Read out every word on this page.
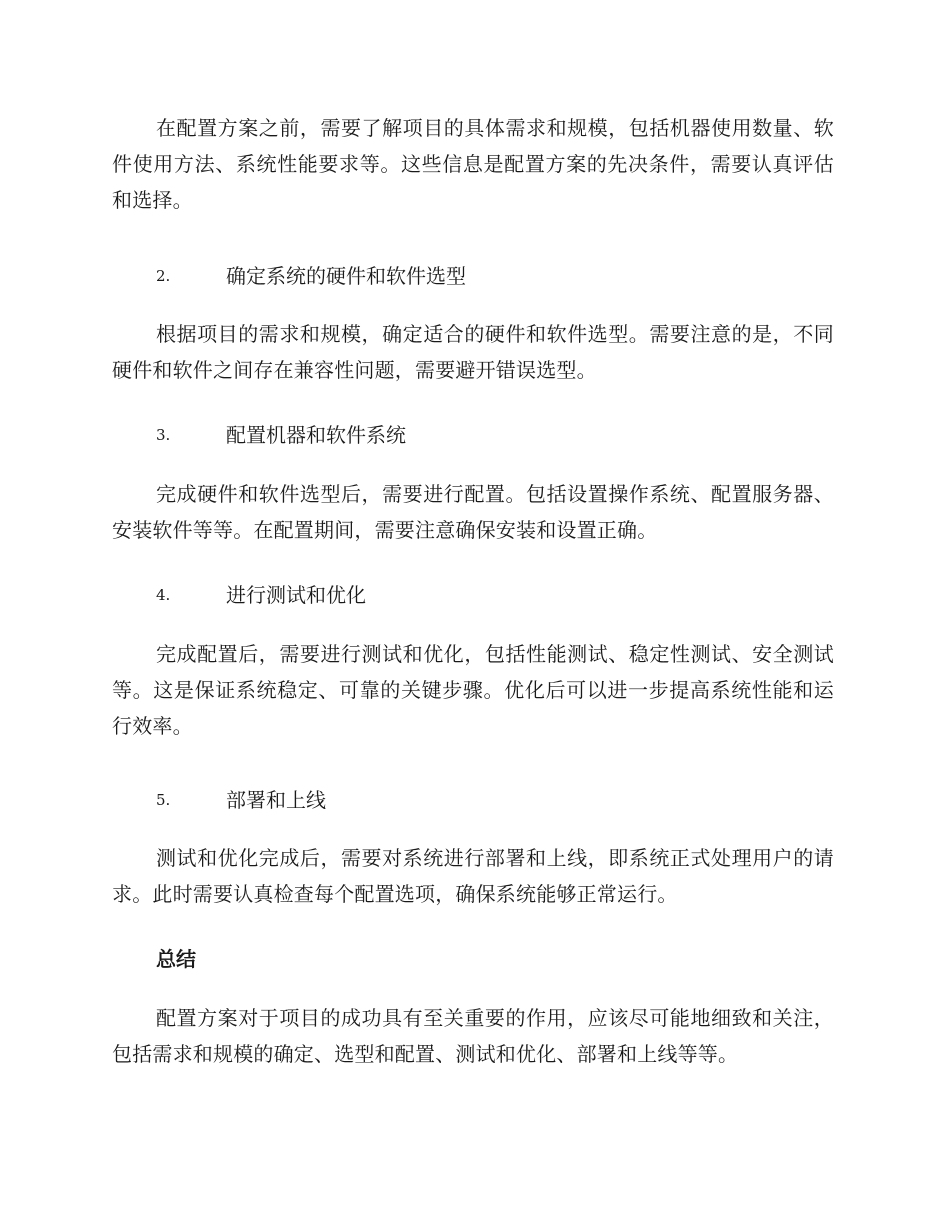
在配置方案之前，需要了解项目的具体需求和规模，包括机器使用数量、软件使用方法、系统性能要求等。这些信息是配置方案的先决条件，需要认真评估和选择。

2.	确定系统的硬件和软件选型

根据项目的需求和规模，确定适合的硬件和软件选型。需要注意的是，不同硬件和软件之间存在兼容性问题，需要避开错误选型。

3.	配置机器和软件系统

完成硬件和软件选型后，需要进行配置。包括设置操作系统、配置服务器、安装软件等等。在配置期间，需要注意确保安装和设置正确。

4.	进行测试和优化

完成配置后，需要进行测试和优化，包括性能测试、稳定性测试、安全测试等。这是保证系统稳定、可靠的关键步骤。优化后可以进一步提高系统性能和运行效率。

5.	部署和上线

测试和优化完成后，需要对系统进行部署和上线，即系统正式处理用户的请求。此时需要认真检查每个配置选项，确保系统能够正常运行。

总结

配置方案对于项目的成功具有至关重要的作用，应该尽可能地细致和关注，包括需求和规模的确定、选型和配置、测试和优化、部署和上线等等。
